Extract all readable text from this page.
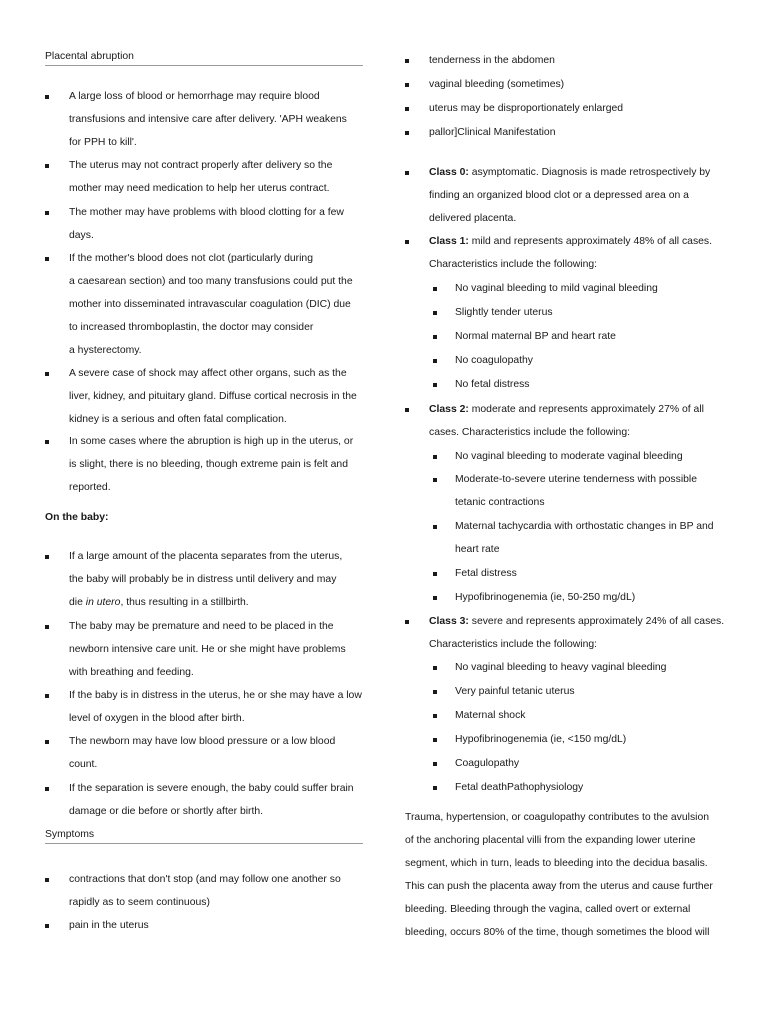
Placental abruption
A large loss of blood or hemorrhage may require blood
transfusions and intensive care after delivery. 'APH weakens
for PPH to kill'.
The uterus may not contract properly after delivery so the
mother may need medication to help her uterus contract.
The mother may have problems with blood clotting for a few
days.
If the mother's blood does not clot (particularly during
a caesarean section) and too many transfusions could put the
mother into disseminated intravascular coagulation (DIC) due
to increased thromboplastin, the doctor may consider
a hysterectomy.
A severe case of shock may affect other organs, such as the
liver, kidney, and pituitary gland. Diffuse cortical necrosis in the
kidney is a serious and often fatal complication.
In some cases where the abruption is high up in the uterus, or
is slight, there is no bleeding, though extreme pain is felt and
reported.
On the baby:
If a large amount of the placenta separates from the uterus,
the baby will probably be in distress until delivery and may
die in utero, thus resulting in a stillbirth.
The baby may be premature and need to be placed in the
newborn intensive care unit. He or she might have problems
with breathing and feeding.
If the baby is in distress in the uterus, he or she may have a low
level of oxygen in the blood after birth.
The newborn may have low blood pressure or a low blood
count.
If the separation is severe enough, the baby could suffer brain
damage or die before or shortly after birth.
Symptoms
contractions that don't stop (and may follow one another so
rapidly as to seem continuous)
pain in the uterus
tenderness in the abdomen
vaginal bleeding (sometimes)
uterus may be disproportionately enlarged
pallor]Clinical Manifestation
Class 0: asymptomatic. Diagnosis is made retrospectively by
finding an organized blood clot or a depressed area on a
delivered placenta.
Class 1: mild and represents approximately 48% of all cases.
Characteristics include the following:
No vaginal bleeding to mild vaginal bleeding
Slightly tender uterus
Normal maternal BP and heart rate
No coagulopathy
No fetal distress
Class 2: moderate and represents approximately 27% of all
cases. Characteristics include the following:
No vaginal bleeding to moderate vaginal bleeding
Moderate-to-severe uterine tenderness with possible
tetanic contractions
Maternal tachycardia with orthostatic changes in BP and
heart rate
Fetal distress
Hypofibrinogenemia (ie, 50-250 mg/dL)
Class 3: severe and represents approximately 24% of all cases.
Characteristics include the following:
No vaginal bleeding to heavy vaginal bleeding
Very painful tetanic uterus
Maternal shock
Hypofibrinogenemia (ie, <150 mg/dL)
Coagulopathy
Fetal deathPathophysiology
Trauma, hypertension, or coagulopathy contributes to the avulsion
of the anchoring placental villi from the expanding lower uterine
segment, which in turn, leads to bleeding into the decidua basalis.
This can push the placenta away from the uterus and cause further
bleeding. Bleeding through the vagina, called overt or external
bleeding, occurs 80% of the time, though sometimes the blood will
